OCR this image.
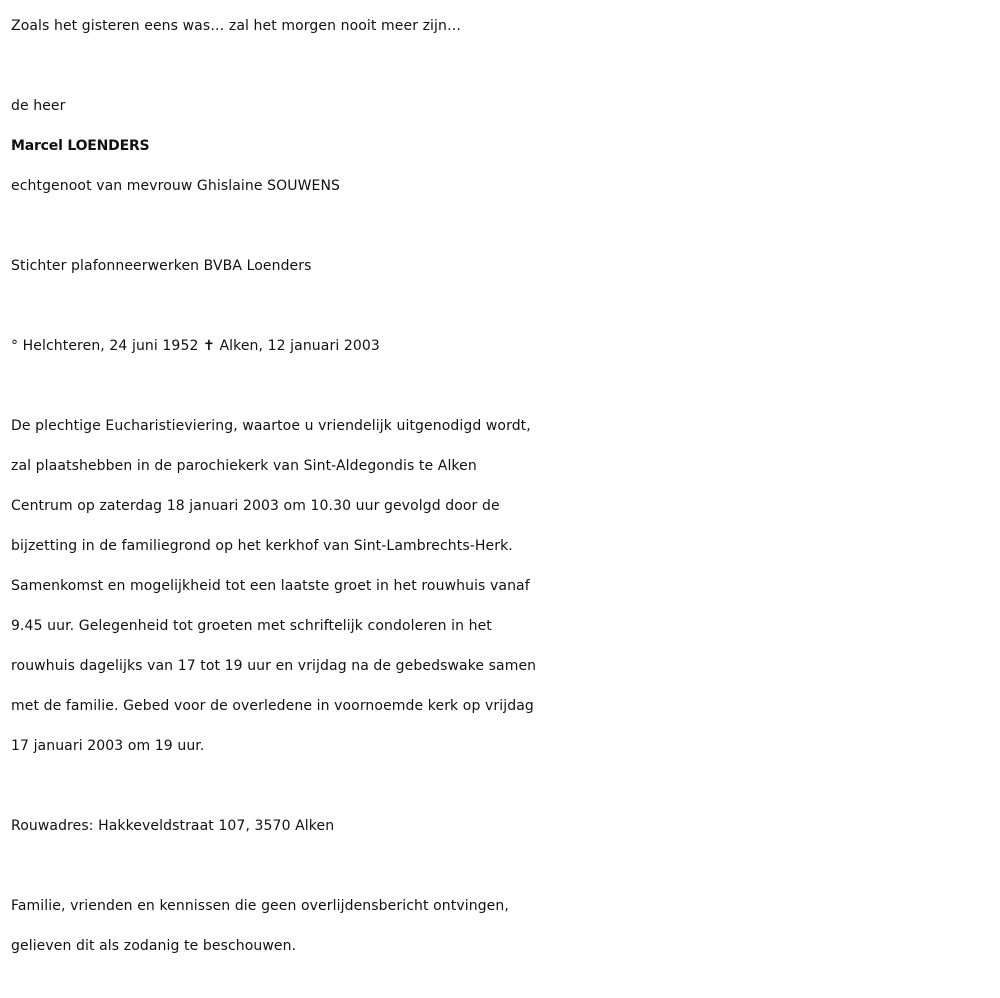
Zoals het gisteren eens was… zal het morgen nooit meer zijn…
de heer
Marcel LOENDERS
echtgenoot van mevrouw Ghislaine SOUWENS
Stichter plafonneerwerken BVBA Loenders
° Helchteren, 24 juni 1952 ✝ Alken, 12 januari 2003
De plechtige Eucharistieviering, waartoe u vriendelijk uitgenodigd wordt,
zal plaatshebben in de parochiekerk van Sint-Aldegondis te Alken
Centrum op zaterdag 18 januari 2003 om 10.30 uur gevolgd door de
bijzetting in de familiegrond op het kerkhof van Sint-Lambrechts-Herk.
Samenkomst en mogelijkheid tot een laatste groet in het rouwhuis vanaf
9.45 uur. Gelegenheid tot groeten met schriftelijk condoleren in het
rouwhuis dagelijks van 17 tot 19 uur en vrijdag na de gebedswake samen
met de familie. Gebed voor de overledene in voornoemde kerk op vrijdag
17 januari 2003 om 19 uur.
Rouwadres: Hakkeveldstraat 107, 3570 Alken
Familie, vrienden en kennissen die geen overlijdensbericht ontvingen,
gelieven dit als zodanig te beschouwen.
